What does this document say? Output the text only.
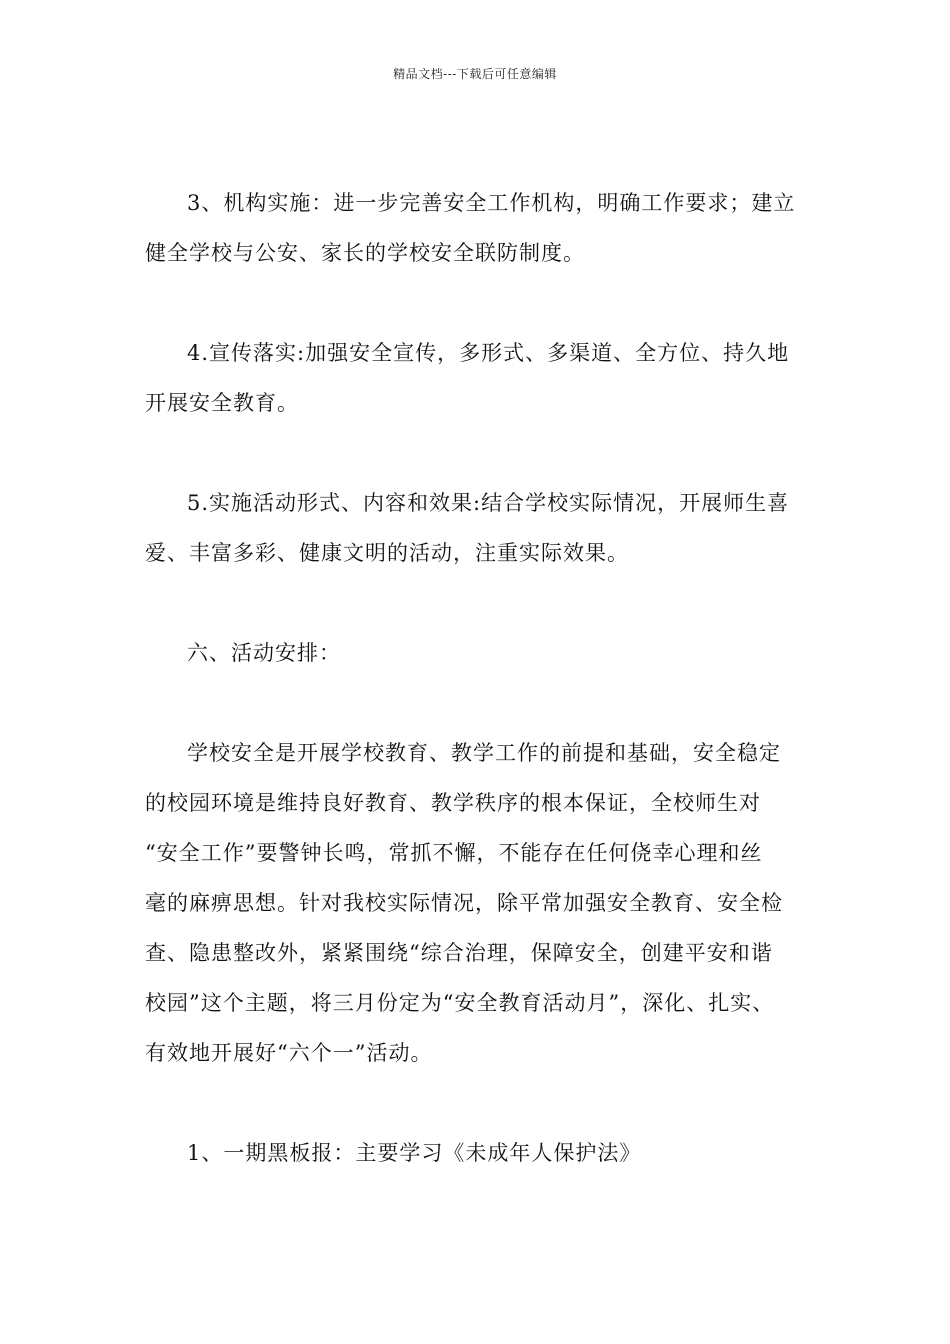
精品文档---下载后可任意编辑

3、机构实施：进一步完善安全工作机构，明确工作要求；建立
健全学校与公安、家长的学校安全联防制度。

4.宣传落实:加强安全宣传，多形式、多渠道、全方位、持久地
开展安全教育。

5.实施活动形式、内容和效果:结合学校实际情况，开展师生喜
爱、丰富多彩、健康文明的活动，注重实际效果。

六、活动安排：

学校安全是开展学校教育、教学工作的前提和基础，安全稳定
的校园环境是维持良好教育、教学秩序的根本保证，全校师生对
“安全工作”要警钟长鸣，常抓不懈，不能存在任何侥幸心理和丝
毫的麻痹思想。针对我校实际情况，除平常加强安全教育、安全检
查、隐患整改外，紧紧围绕“综合治理，保障安全，创建平安和谐
校园”这个主题，将三月份定为“安全教育活动月”，深化、扎实、
有效地开展好“六个一”活动。

1、一期黑板报：主要学习《未成年人保护法》
